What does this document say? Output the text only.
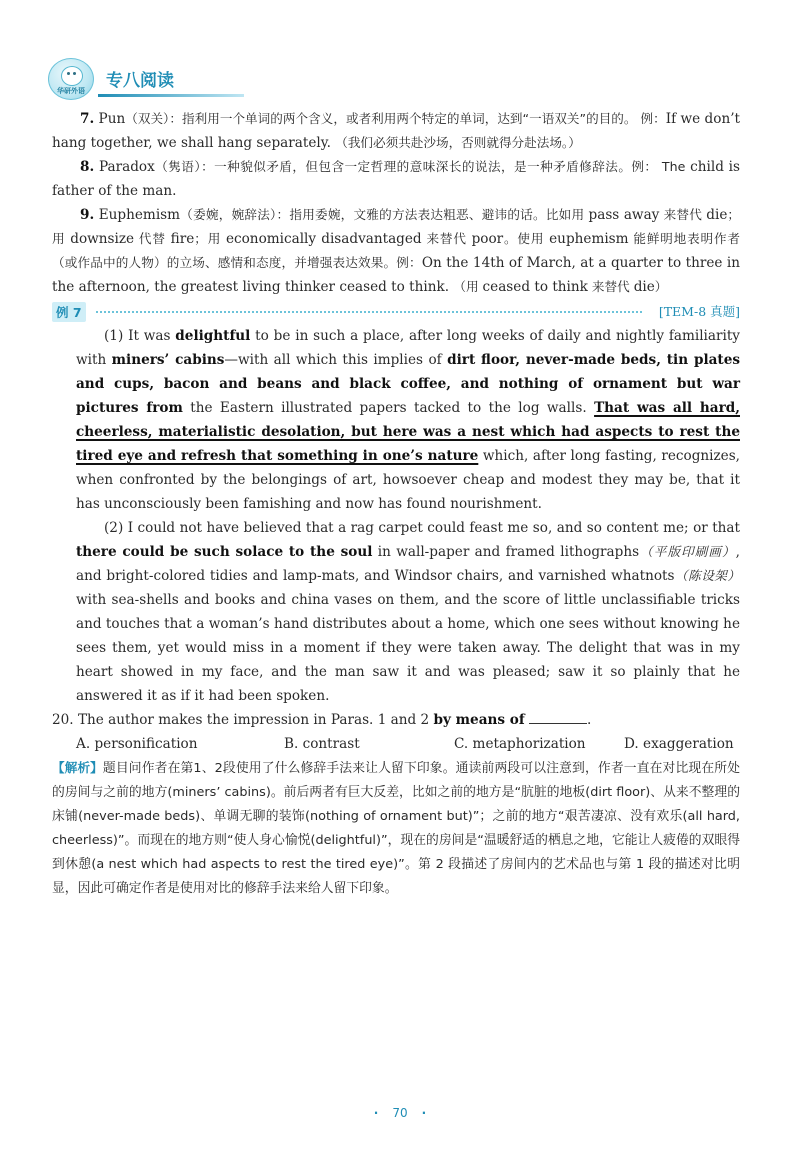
华研外语	专八阅读

7. Pun（双关）：指利用一个单词的两个含义，或者利用两个特定的单词，达到“一语双关”的目的。 例：If we don’t hang together, we shall hang separately. （我们必须共赴沙场，否则就得分赴法场。）

8. Paradox（隽语）：一种貌似矛盾，但包含一定哲理的意味深长的说法，是一种矛盾修辞法。例： The child is father of the man.

9. Euphemism（委婉，婉辞法）：指用委婉，文雅的方法表达粗恶、避讳的话。比如用 pass away 来替代 die；用 downsize 代替 fire；用 economically disadvantaged 来替代 poor。使用 euphemism 能鲜明地表明作者（或作品中的人物）的立场、感情和态度，并增强表达效果。例：On the 14th of March, at a quarter to three in the afternoon, the greatest living thinker ceased to think. （用 ceased to think 来替代 die）

例 7	[TEM-8 真题]

(1) It was delightful to be in such a place, after long weeks of daily and nightly familiarity with miners’ cabins—with all which this implies of dirt floor, never-made beds, tin plates and cups, bacon and beans and black coffee, and nothing of ornament but war pictures from the Eastern illustrated papers tacked to the log walls. That was all hard, cheerless, materialistic desolation, but here was a nest which had aspects to rest the tired eye and refresh that something in one’s nature which, after long fasting, recognizes, when confronted by the belongings of art, howsoever cheap and modest they may be, that it has unconsciously been famishing and now has found nourishment.

(2) I could not have believed that a rag carpet could feast me so, and so content me; or that there could be such solace to the soul in wall-paper and framed lithographs（平版印刷画）, and bright-colored tidies and lamp-mats, and Windsor chairs, and varnished whatnots（陈设架） with sea-shells and books and china vases on them, and the score of little unclassifiable tricks and touches that a woman’s hand distributes about a home, which one sees without knowing he sees them, yet would miss in a moment if they were taken away. The delight that was in my heart showed in my face, and the man saw it and was pleased; saw it so plainly that he answered it as if it had been spoken.

20. The author makes the impression in Paras. 1 and 2 by means of	.

A. personification	B. contrast	C. metaphorization	D. exaggeration

【解析】题目问作者在第1、2段使用了什么修辞手法来让人留下印象。通读前两段可以注意到，作者一直在对比现在所处的房间与之前的地方(miners’ cabins)。前后两者有巨大反差，比如之前的地方是“肮脏的地板(dirt floor)、从来不整理的床铺(never-made beds)、单调无聊的装饰(nothing of ornament but)”；之前的地方“艰苦凄凉、没有欢乐(all hard, cheerless)”。而现在的地方则“使人身心愉悦(delightful)”，现在的房间是“温暖舒适的栖息之地，它能让人疲倦的双眼得到休憩(a nest which had aspects to rest the tired eye)”。第 2 段描述了房间内的艺术品也与第 1 段的描述对比明显，因此可确定作者是使用对比的修辞手法来给人留下印象。

· 70 ·
